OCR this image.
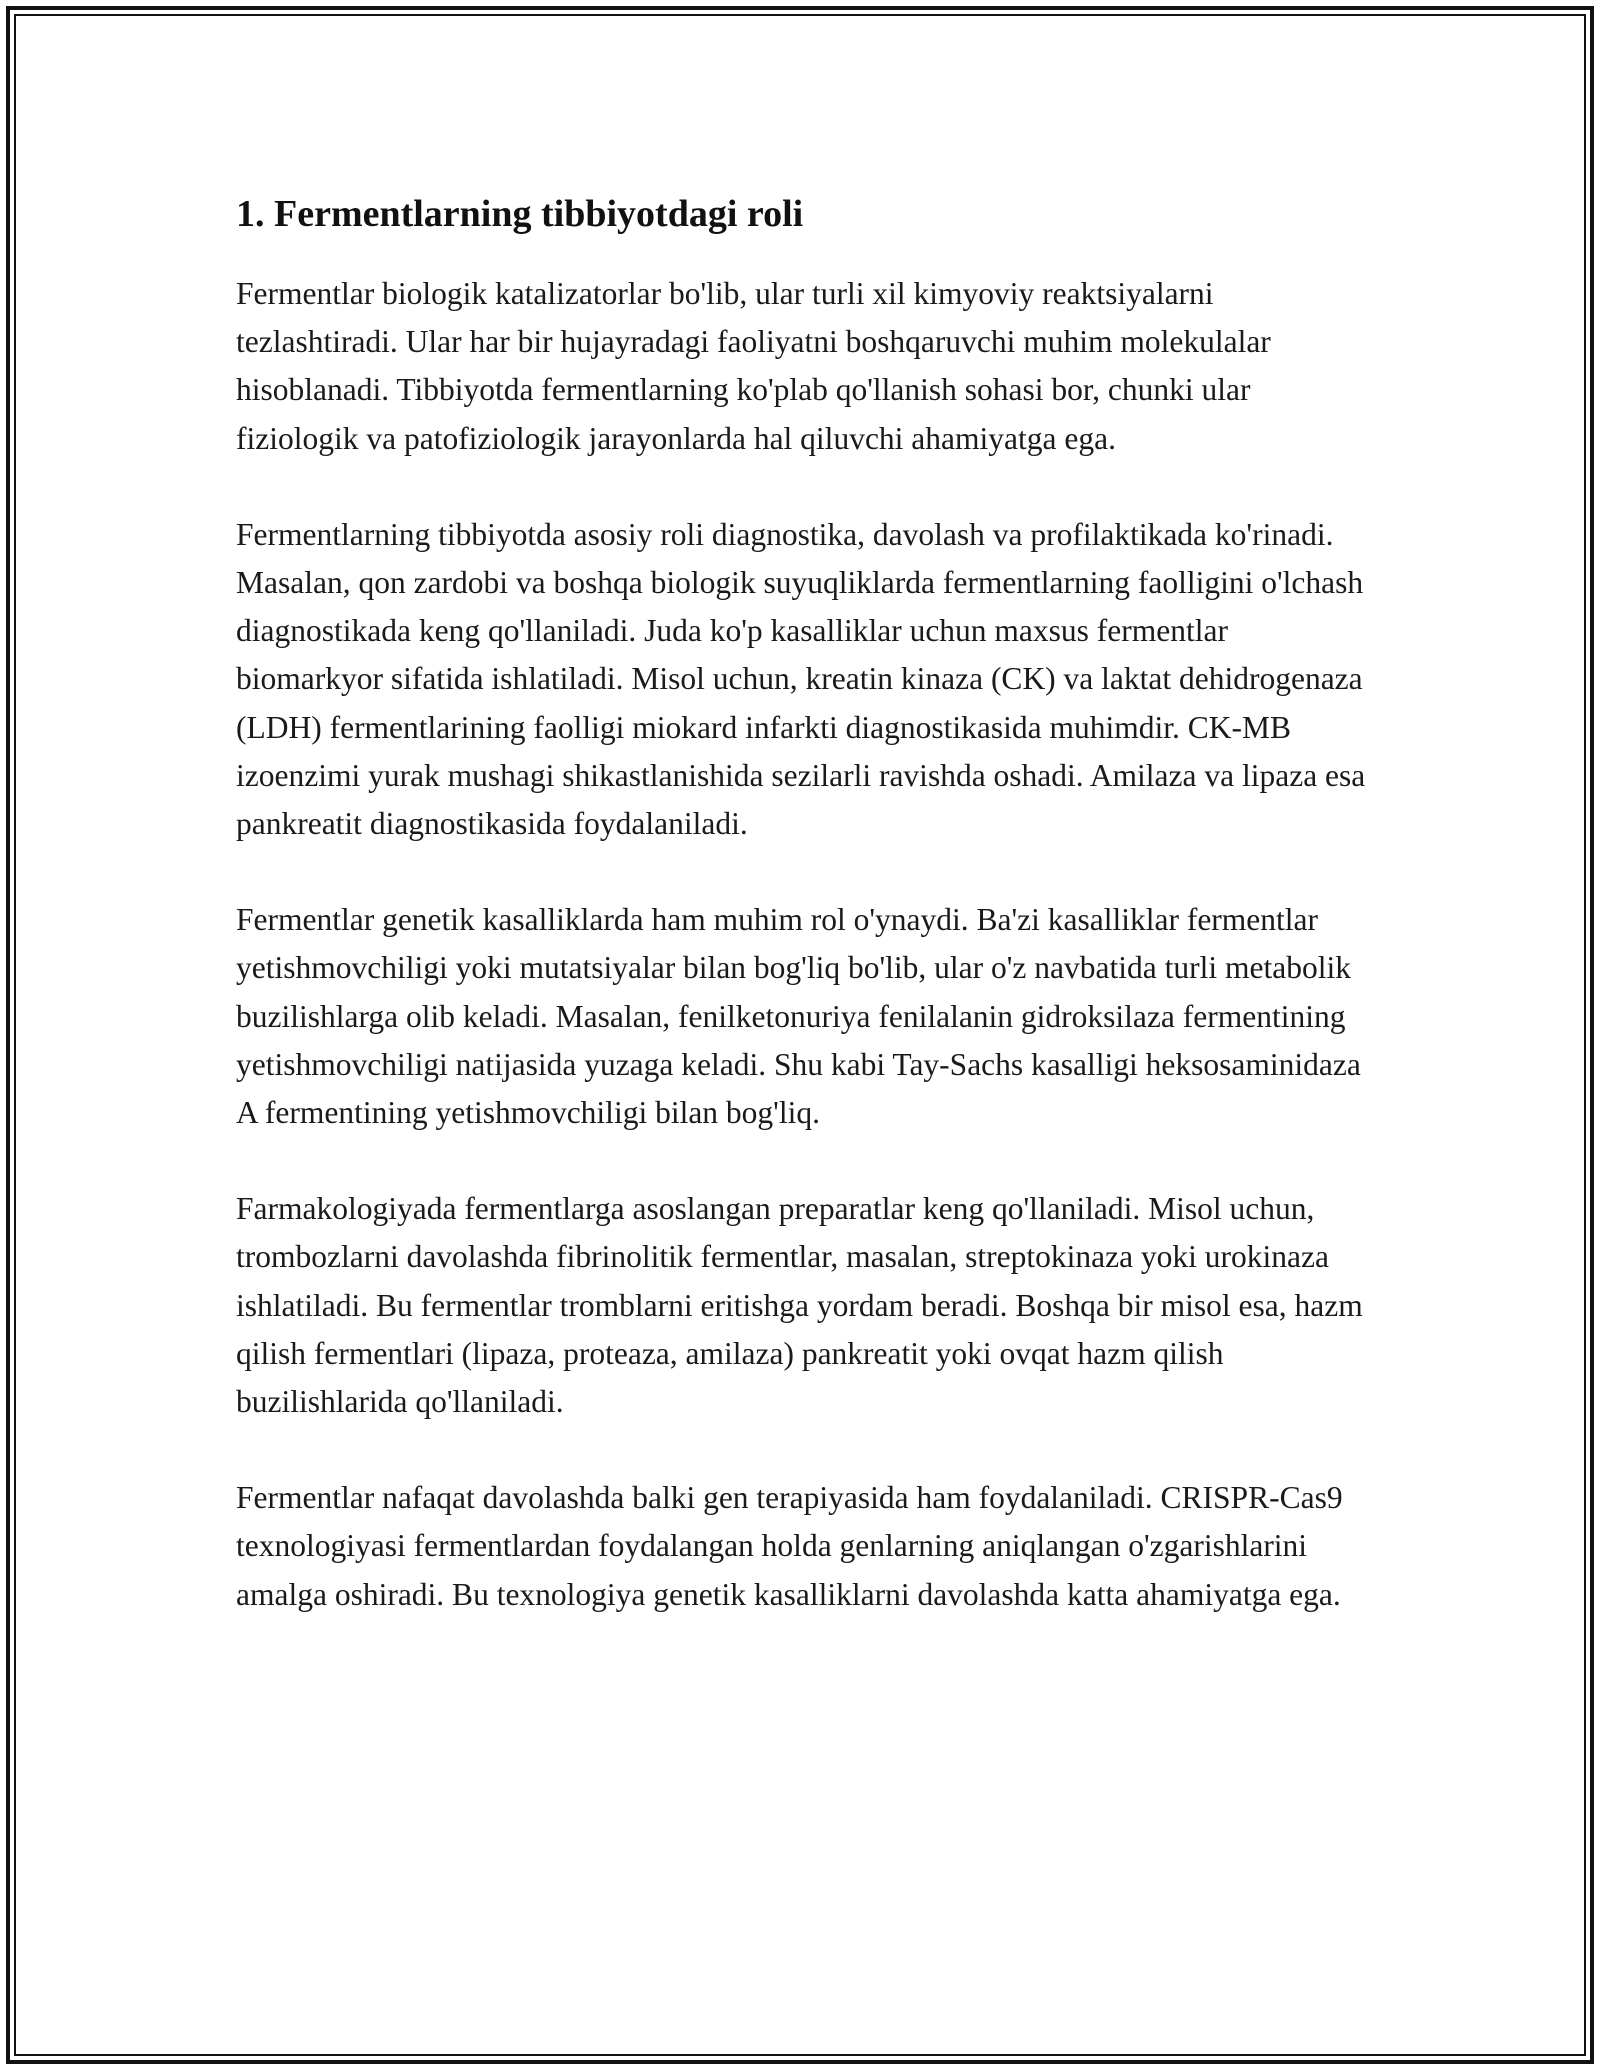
1. Fermentlarning tibbiyotdagi roli

Fermentlar biologik katalizatorlar bo'lib, ular turli xil kimyoviy reaktsiyalarni tezlashtiradi. Ular har bir hujayradagi faoliyatni boshqaruvchi muhim molekulalar hisoblanadi. Tibbiyotda fermentlarning ko'plab qo'llanish sohasi bor, chunki ular fiziologik va patofiziologik jarayonlarda hal qiluvchi ahamiyatga ega.

Fermentlarning tibbiyotda asosiy roli diagnostika, davolash va profilaktikada ko'rinadi. Masalan, qon zardobi va boshqa biologik suyuqliklarda fermentlarning faolligini o'lchash diagnostikada keng qo'llaniladi. Juda ko'p kasalliklar uchun maxsus fermentlar biomarkyor sifatida ishlatiladi. Misol uchun, kreatin kinaza (CK) va laktat dehidrogenaza (LDH) fermentlarining faolligi miokard infarkti diagnostikasida muhimdir. CK-MB izoenzimi yurak mushagi shikastlanishida sezilarli ravishda oshadi. Amilaza va lipaza esa pankreatit diagnostikasida foydalaniladi.

Fermentlar genetik kasalliklarda ham muhim rol o'ynaydi. Ba'zi kasalliklar fermentlar yetishmovchiligi yoki mutatsiyalar bilan bog'liq bo'lib, ular o'z navbatida turli metabolik buzilishlarga olib keladi. Masalan, fenilketonuriya fenilalanin gidroksilaza fermentining yetishmovchiligi natijasida yuzaga keladi. Shu kabi Tay-Sachs kasalligi heksosaminidaza A fermentining yetishmovchiligi bilan bog'liq.

Farmakologiyada fermentlarga asoslangan preparatlar keng qo'llaniladi. Misol uchun, trombozlarni davolashda fibrinolitik fermentlar, masalan, streptokinaza yoki urokinaza ishlatiladi. Bu fermentlar tromblarni eritishga yordam beradi. Boshqa bir misol esa, hazm qilish fermentlari (lipaza, proteaza, amilaza) pankreatit yoki ovqat hazm qilish buzilishlarida qo'llaniladi.

Fermentlar nafaqat davolashda balki gen terapiyasida ham foydalaniladi. CRISPR-Cas9 texnologiyasi fermentlardan foydalangan holda genlarning aniqlangan o'zgarishlarini amalga oshiradi. Bu texnologiya genetik kasalliklarni davolashda katta ahamiyatga ega.
